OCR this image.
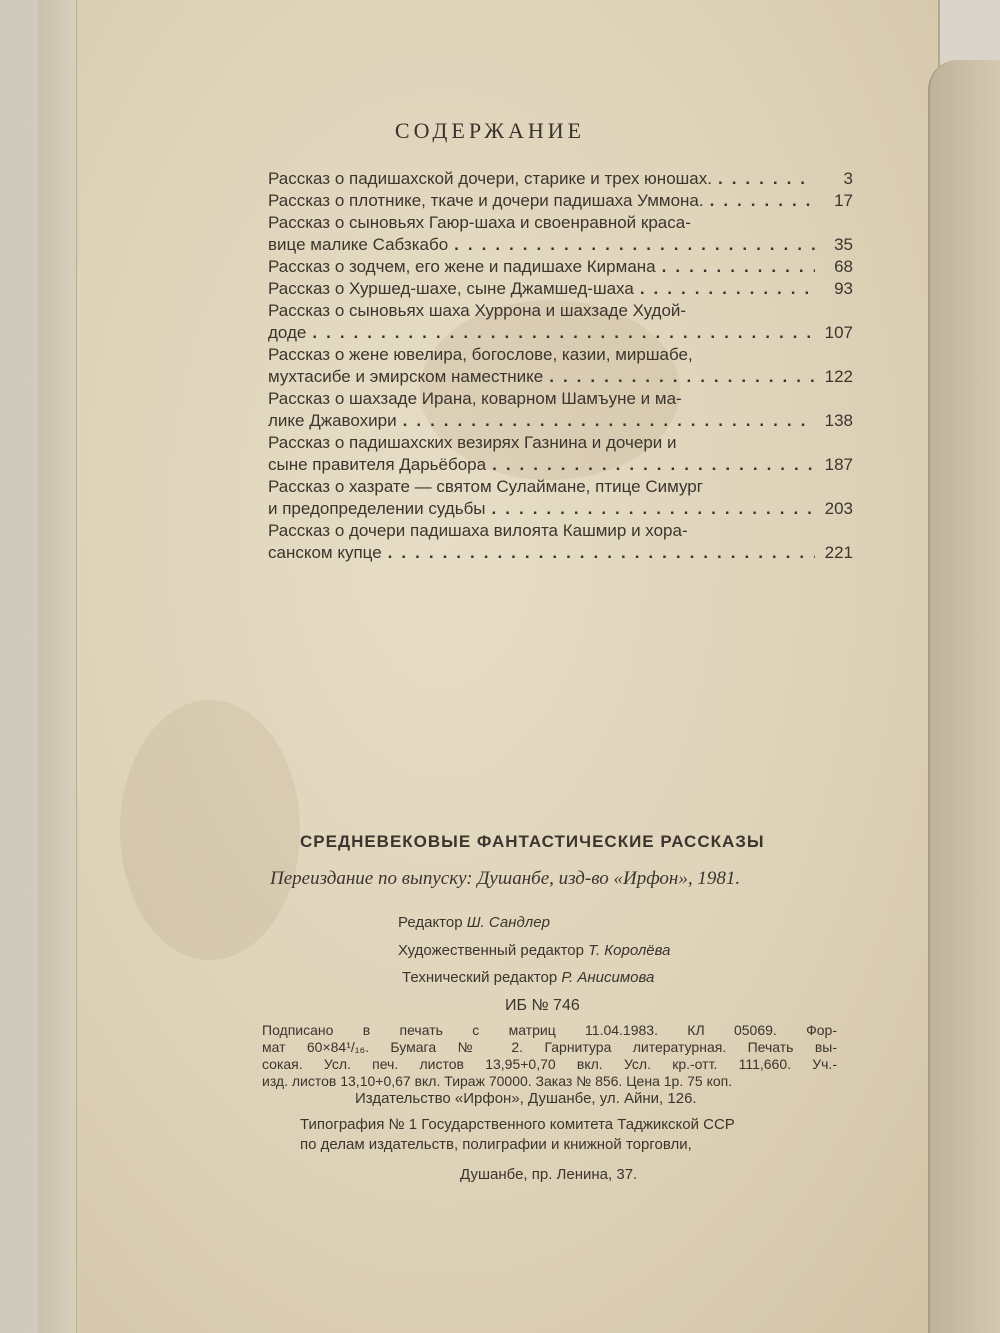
СОДЕРЖАНИЕ
Рассказ о падишахской дочери, старике и трех юношах. .....	3
Рассказ о плотнике, ткаче и дочери падишаха Уммона. .....	17
Рассказ о сыновьях Гаюр-шаха и своенравной краса-
вице малике Сабзкабо .....	35
Рассказ о зодчем, его жене и падишахе Кирмана .....	68
Рассказ о Хуршед-шахе, сыне Джамшед-шаха .....	93
Рассказ о сыновьях шаха Хуррона и шахзаде Худой-
доде .....	107
Рассказ о жене ювелира, богослове, казии, миршабе,
мухтасибе и эмирском наместнике .....	122
Рассказ о шахзаде Ирана, коварном Шамъуне и ма-
лике Джавохири .....	138
Рассказ о падишахских везирях Газнина и дочери и
сыне правителя Дарьёбора .....	187
Рассказ о хазрате — святом Сулаймане, птице Симург
и предопределении судьбы .....	203
Рассказ о дочери падишаха вилоята Кашмир и хора-
санском купце .....	221
СРЕДНЕВЕКОВЫЕ ФАНТАСТИЧЕСКИЕ РАССКАЗЫ
Переиздание по выпуску: Душанбе, изд-во «Ирфон», 1981.
Редактор Ш. Сандлер
Художественный редактор Т. Королёва
Технический редактор Р. Анисимова
ИБ № 746
Подписано в печать с матриц 11.04.1983. КЛ 05069. Фор-
мат 60×84¹/₁₆. Бумага № 2. Гарнитура литературная. Печать вы-
сокая. Усл. печ. листов 13,95+0,70 вкл. Усл. кр.-отт. 111,660. Уч.-
изд. листов 13,10+0,67 вкл. Тираж 70000. Заказ № 856. Цена 1р. 75 коп.
Издательство «Ирфон», Душанбе, ул. Айни, 126.
Типография № 1 Государственного комитета Таджикской ССР
по делам издательств, полиграфии и книжной торговли,
Душанбе, пр. Ленина, 37.
